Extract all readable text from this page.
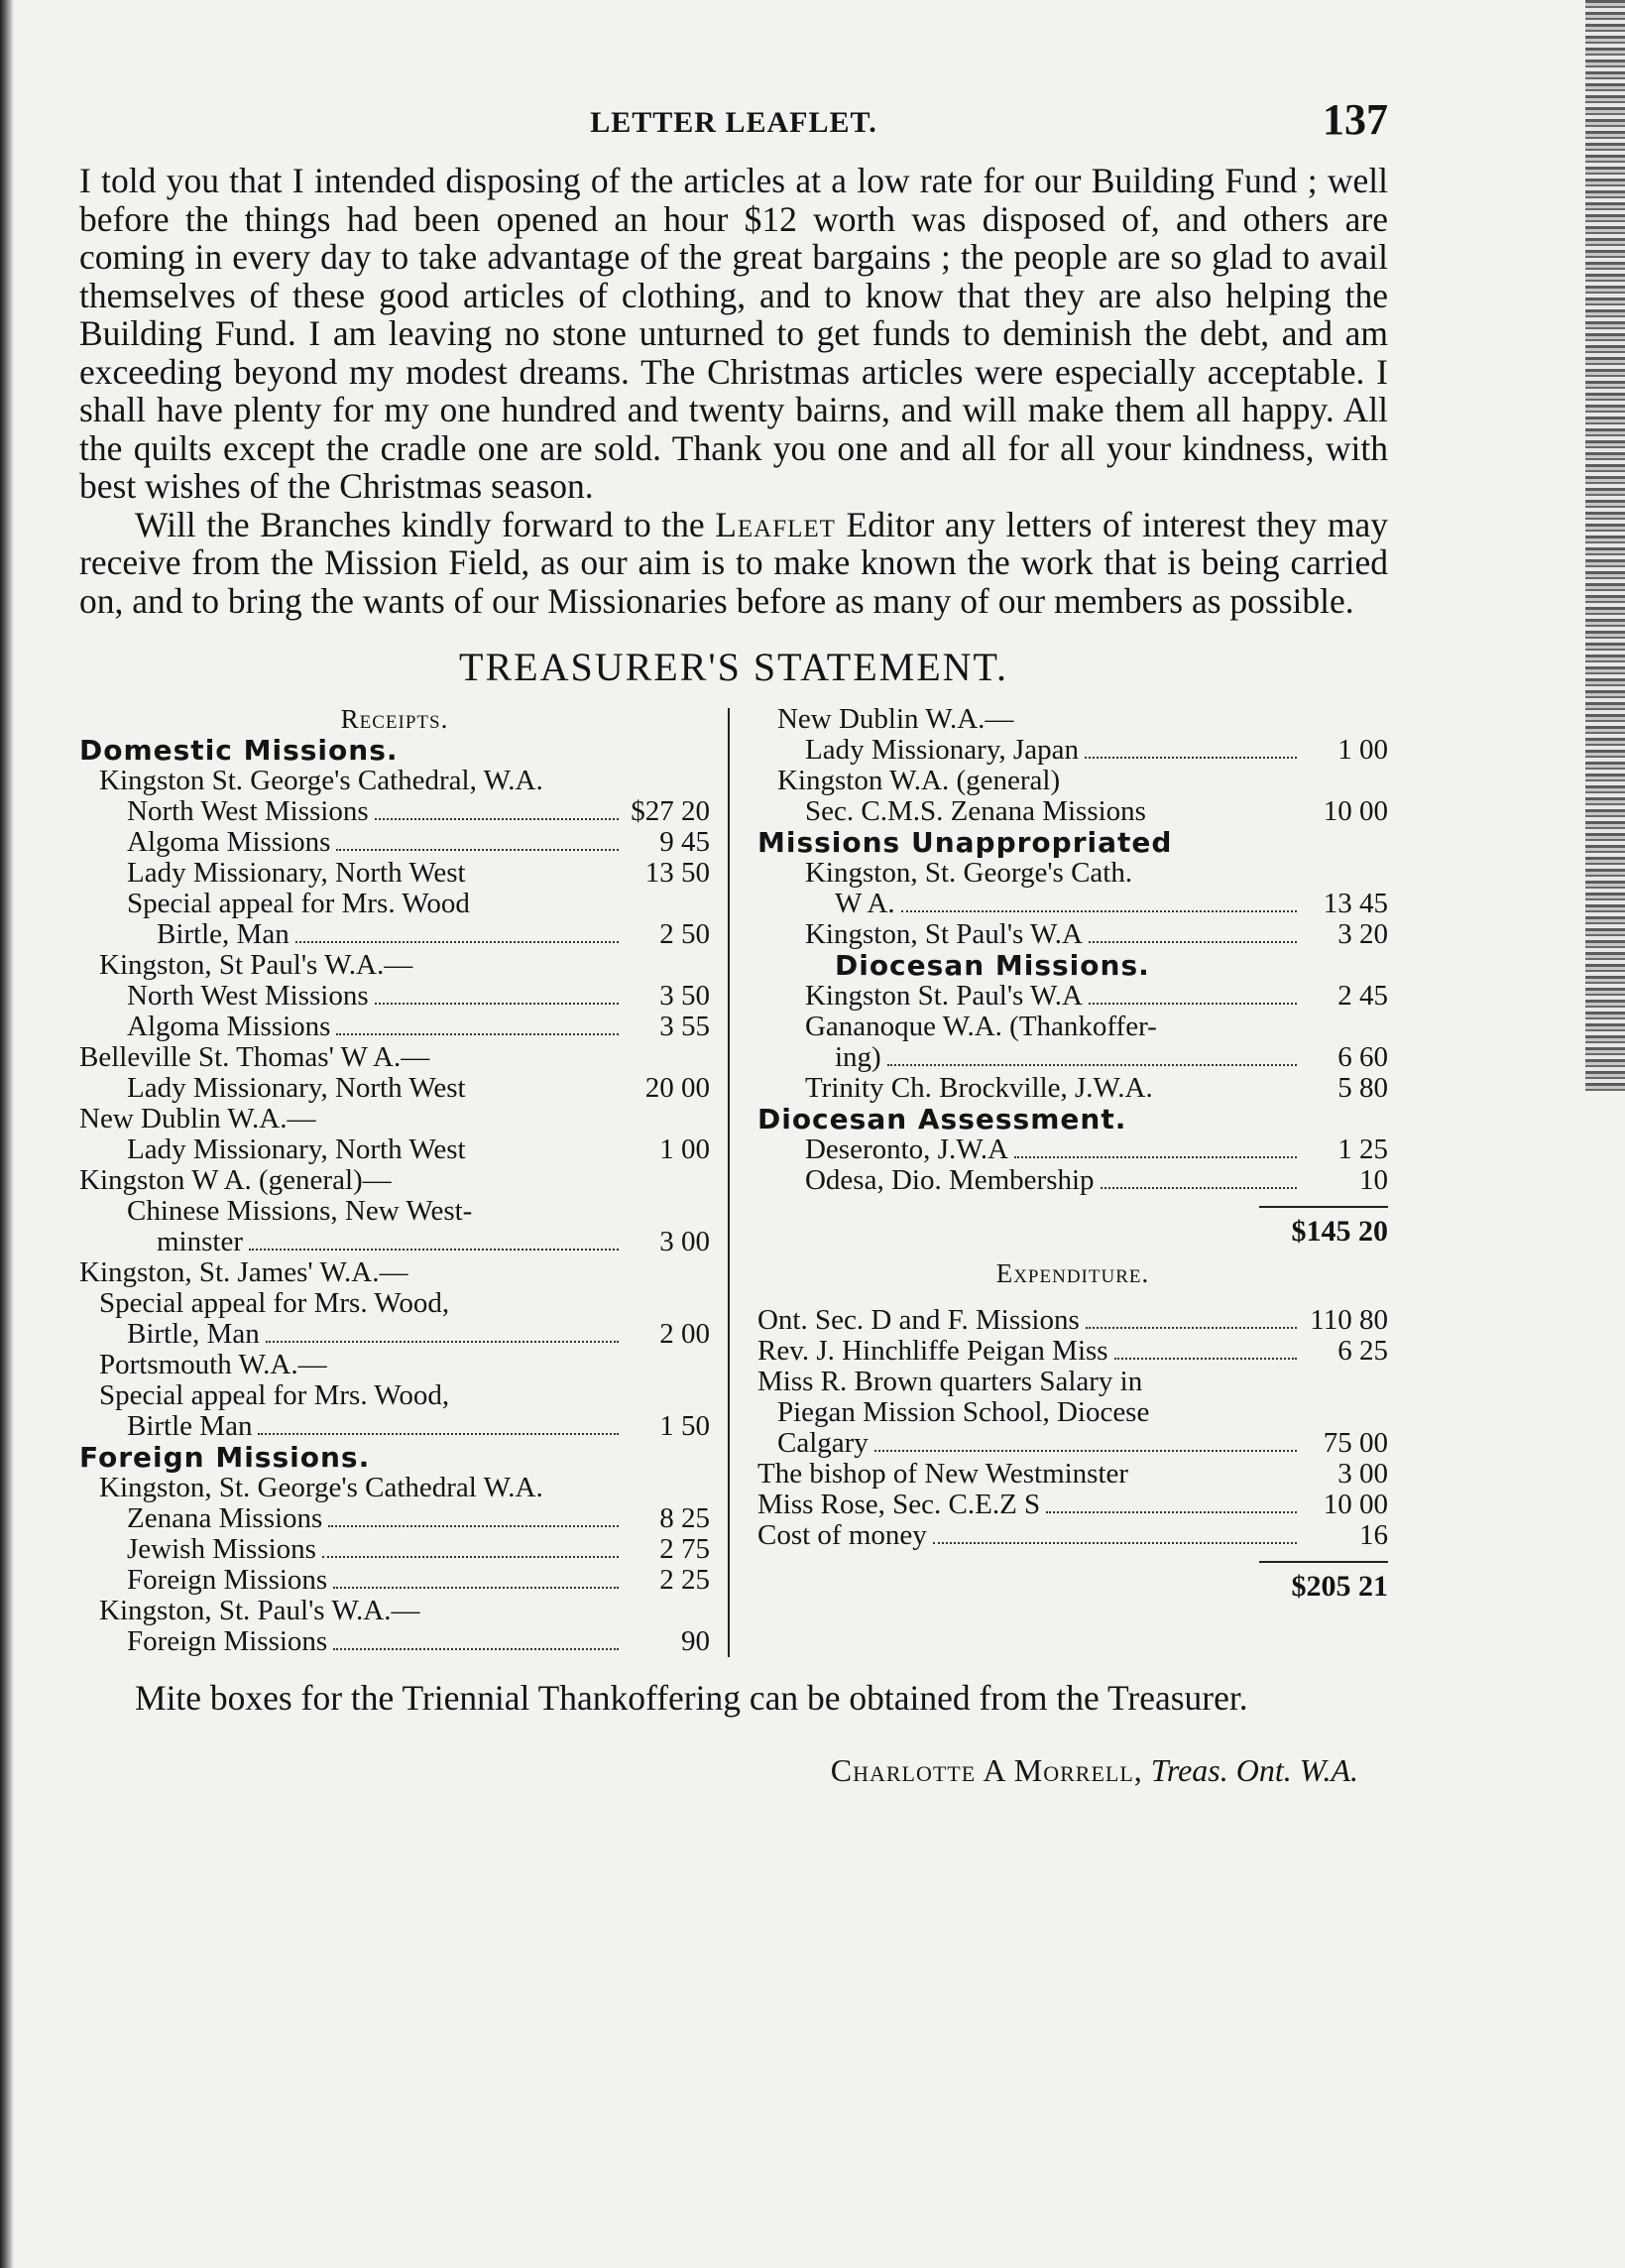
LETTER LEAFLET.	137

I told you that I intended disposing of the articles at a low rate for our Building Fund ; well before the things had been opened an hour $12 worth was disposed of, and others are coming in every day to take advantage of the great bargains ; the people are so glad to avail themselves of these good articles of clothing, and to know that they are also helping the Building Fund. I am leaving no stone unturned to get funds to deminish the debt, and am exceeding beyond my modest dreams. The Christmas articles were especially acceptable. I shall have plenty for my one hundred and twenty bairns, and will make them all happy. All the quilts except the cradle one are sold. Thank you one and all for all your kindness, with best wishes of the Christmas season.

Will the Branches kindly forward to the Leaflet Editor any letters of interest they may receive from the Mission Field, as our aim is to make known the work that is being carried on, and to bring the wants of our Missionaries before as many of our members as possible.

TREASURER'S STATEMENT.
Receipts.
Domestic Missions.
Kingston St. George's Cathedral, W.A.
North West Missions	$27 20
Algoma Missions	9 45
Lady Missionary, North West	13 50
Special appeal for Mrs. Wood
Birtle, Man	2 50
Kingston, St Paul's W.A.—
North West Missions	3 50
Algoma Missions	3 55
Belleville St. Thomas' W A.—
Lady Missionary, North West	20 00
New Dublin W.A.—
Lady Missionary, North West	1 00
Kingston W A. (general)—
Chinese Missions, New West-
minster	3 00
Kingston, St. James' W.A.—
Special appeal for Mrs. Wood,
Birtle, Man	2 00
Portsmouth W.A.—
Special appeal for Mrs. Wood,
Birtle Man	1 50
Foreign Missions.
Kingston, St. George's Cathedral W.A.
Zenana Missions	8 25
Jewish Missions	2 75
Foreign Missions	2 25
Kingston, St. Paul's W.A.—
Foreign Missions	90
New Dublin W.A.—
Lady Missionary, Japan	1 00
Kingston W.A. (general)
Sec. C.M.S. Zenana Missions	10 00
Missions Unappropriated
Kingston, St. George's Cath.
W A.	13 45
Kingston, St Paul's W.A	3 20
Diocesan Missions.
Kingston St. Paul's W.A	2 45
Gananoque W.A. (Thankoffer-
ing)	6 60
Trinity Ch. Brockville, J.W.A.	5 80
Diocesan Assessment.
Deseronto, J.W.A	1 25
Odesa, Dio. Membership	10
$145 20
Expenditure.
Ont. Sec. D and F. Missions	110 80
Rev. J. Hinchliffe Peigan Miss	6 25
Miss R. Brown quarters Salary in
Piegan Mission School, Diocese
Calgary	75 00
The bishop of New Westminster	3 00
Miss Rose, Sec. C.E.Z S	10 00
Cost of money	16
$205 21

Mite boxes for the Triennial Thankoffering can be obtained from the Treasurer.

Charlotte A Morrell, Treas. Ont. W.A.
